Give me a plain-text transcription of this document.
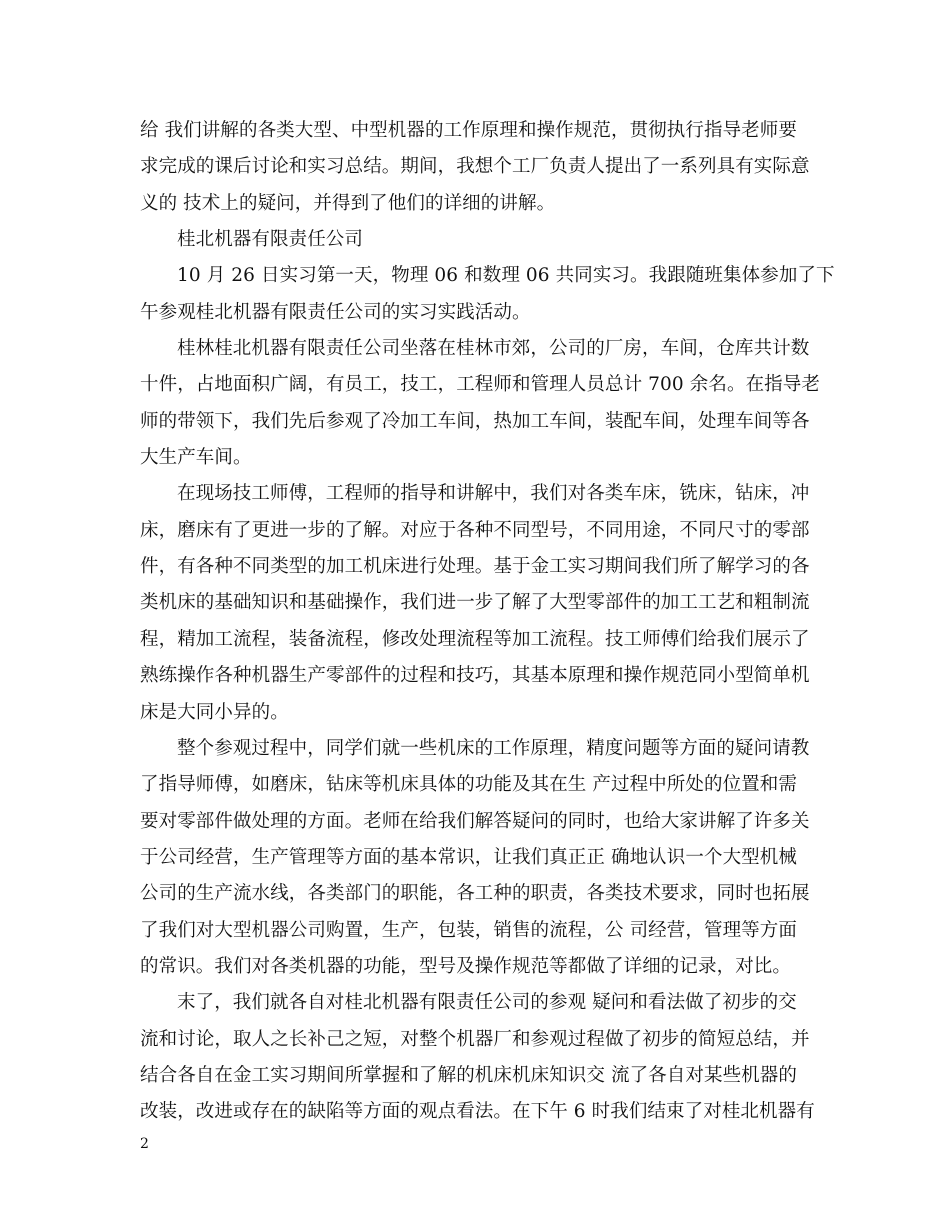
给 我们讲解的各类大型、中型机器的工作原理和操作规范，贯彻执行指导老师要
求完成的课后讨论和实习总结。期间，我想个工厂负责人提出了一系列具有实际意
义的 技术上的疑问，并得到了他们的详细的讲解。
桂北机器有限责任公司
10 月 26 日实习第一天，物理 06 和数理 06 共同实习。我跟随班集体参加了下
午参观桂北机器有限责任公司的实习实践活动。
桂林桂北机器有限责任公司坐落在桂林市郊，公司的厂房，车间，仓库共计数
十件，占地面积广阔，有员工，技工，工程师和管理人员总计 700 余名。在指导老
师的带领下，我们先后参观了冷加工车间，热加工车间，装配车间，处理车间等各
大生产车间。
在现场技工师傅，工程师的指导和讲解中，我们对各类车床，铣床，钻床，冲
床，磨床有了更进一步的了解。对应于各种不同型号，不同用途，不同尺寸的零部
件，有各种不同类型的加工机床进行处理。基于金工实习期间我们所了解学习的各
类机床的基础知识和基础操作，我们进一步了解了大型零部件的加工工艺和粗制流
程，精加工流程，装备流程，修改处理流程等加工流程。技工师傅们给我们展示了
熟练操作各种机器生产零部件的过程和技巧，其基本原理和操作规范同小型简单机
床是大同小异的。
整个参观过程中，同学们就一些机床的工作原理，精度问题等方面的疑问请教
了指导师傅，如磨床，钻床等机床具体的功能及其在生 产过程中所处的位置和需
要对零部件做处理的方面。老师在给我们解答疑问的同时，也给大家讲解了许多关
于公司经营，生产管理等方面的基本常识，让我们真正正 确地认识一个大型机械
公司的生产流水线，各类部门的职能，各工种的职责，各类技术要求，同时也拓展
了我们对大型机器公司购置，生产，包装，销售的流程，公 司经营，管理等方面
的常识。我们对各类机器的功能，型号及操作规范等都做了详细的记录，对比。
末了，我们就各自对桂北机器有限责任公司的参观 疑问和看法做了初步的交
流和讨论，取人之长补己之短，对整个机器厂和参观过程做了初步的简短总结，并
结合各自在金工实习期间所掌握和了解的机床机床知识交 流了各自对某些机器的
改装，改进或存在的缺陷等方面的观点看法。在下午 6 时我们结束了对桂北机器有
2
